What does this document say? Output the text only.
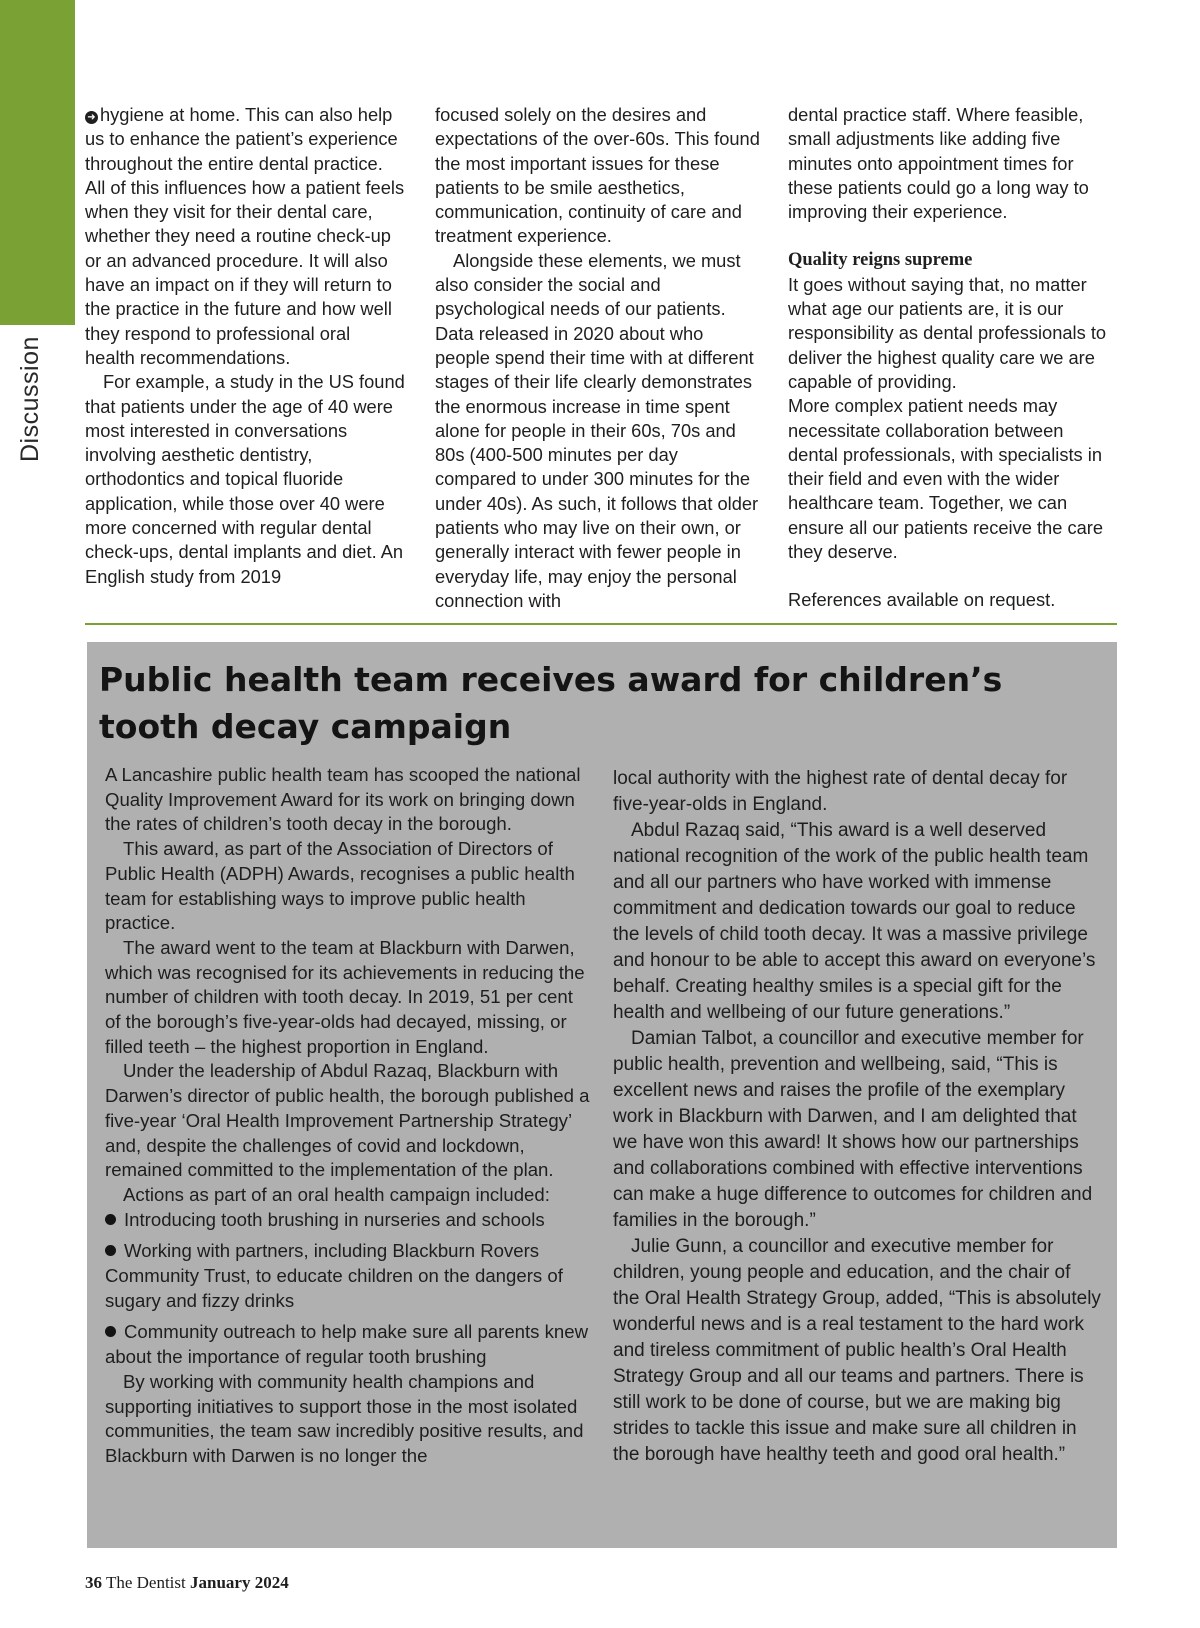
Discussion

➜ hygiene at home. This can also help us to enhance the patient’s experience throughout the entire dental practice. All of this influences how a patient feels when they visit for their dental care, whether they need a routine check-up or an advanced procedure. It will also have an impact on if they will return to the practice in the future and how well they respond to professional oral health recommendations.

For example, a study in the US found that patients under the age of 40 were most interested in conversations involving aesthetic dentistry, orthodontics and topical fluoride application, while those over 40 were more concerned with regular dental check-ups, dental implants and diet. An English study from 2019

focused solely on the desires and expectations of the over-60s. This found the most important issues for these patients to be smile aesthetics, communication, continuity of care and treatment experience.

Alongside these elements, we must also consider the social and psychological needs of our patients. Data released in 2020 about who people spend their time with at different stages of their life clearly demonstrates the enormous increase in time spent alone for people in their 60s, 70s and 80s (400-500 minutes per day compared to under 300 minutes for the under 40s). As such, it follows that older patients who may live on their own, or generally interact with fewer people in everyday life, may enjoy the personal connection with

dental practice staff. Where feasible, small adjustments like adding five minutes onto appointment times for these patients could go a long way to improving their experience.

Quality reigns supreme

It goes without saying that, no matter what age our patients are, it is our responsibility as dental professionals to deliver the highest quality care we are capable of providing.

More complex patient needs may necessitate collaboration between dental professionals, with specialists in their field and even with the wider healthcare team. Together, we can ensure all our patients receive the care they deserve.

References available on request.

Public health team receives award for children’s tooth decay campaign

A Lancashire public health team has scooped the national Quality Improvement Award for its work on bringing down the rates of children’s tooth decay in the borough.

This award, as part of the Association of Directors of Public Health (ADPH) Awards, recognises a public health team for establishing ways to improve public health practice.

The award went to the team at Blackburn with Darwen, which was recognised for its achievements in reducing the number of children with tooth decay. In 2019, 51 per cent of the borough’s five-year-olds had decayed, missing, or filled teeth – the highest proportion in England.

Under the leadership of Abdul Razaq, Blackburn with Darwen’s director of public health, the borough published a five-year ‘Oral Health Improvement Partnership Strategy’ and, despite the challenges of covid and lockdown, remained committed to the implementation of the plan.

Actions as part of an oral health campaign included:

Introducing tooth brushing in nurseries and schools
Working with partners, including Blackburn Rovers Community Trust, to educate children on the dangers of sugary and fizzy drinks
Community outreach to help make sure all parents knew about the importance of regular tooth brushing

By working with community health champions and supporting initiatives to support those in the most isolated communities, the team saw incredibly positive results, and Blackburn with Darwen is no longer the

local authority with the highest rate of dental decay for five-year-olds in England.

Abdul Razaq said, “This award is a well deserved national recognition of the work of the public health team and all our partners who have worked with immense commitment and dedication towards our goal to reduce the levels of child tooth decay. It was a massive privilege and honour to be able to accept this award on everyone’s behalf. Creating healthy smiles is a special gift for the health and wellbeing of our future generations.”

Damian Talbot, a councillor and executive member for public health, prevention and wellbeing, said, “This is excellent news and raises the profile of the exemplary work in Blackburn with Darwen, and I am delighted that we have won this award! It shows how our partnerships and collaborations combined with effective interventions can make a huge difference to outcomes for children and families in the borough.”

Julie Gunn, a councillor and executive member for children, young people and education, and the chair of the Oral Health Strategy Group, added, “This is absolutely wonderful news and is a real testament to the hard work and tireless commitment of public health’s Oral Health Strategy Group and all our teams and partners. There is still work to be done of course, but we are making big strides to tackle this issue and make sure all children in the borough have healthy teeth and good oral health.”

36 The Dentist January 2024
